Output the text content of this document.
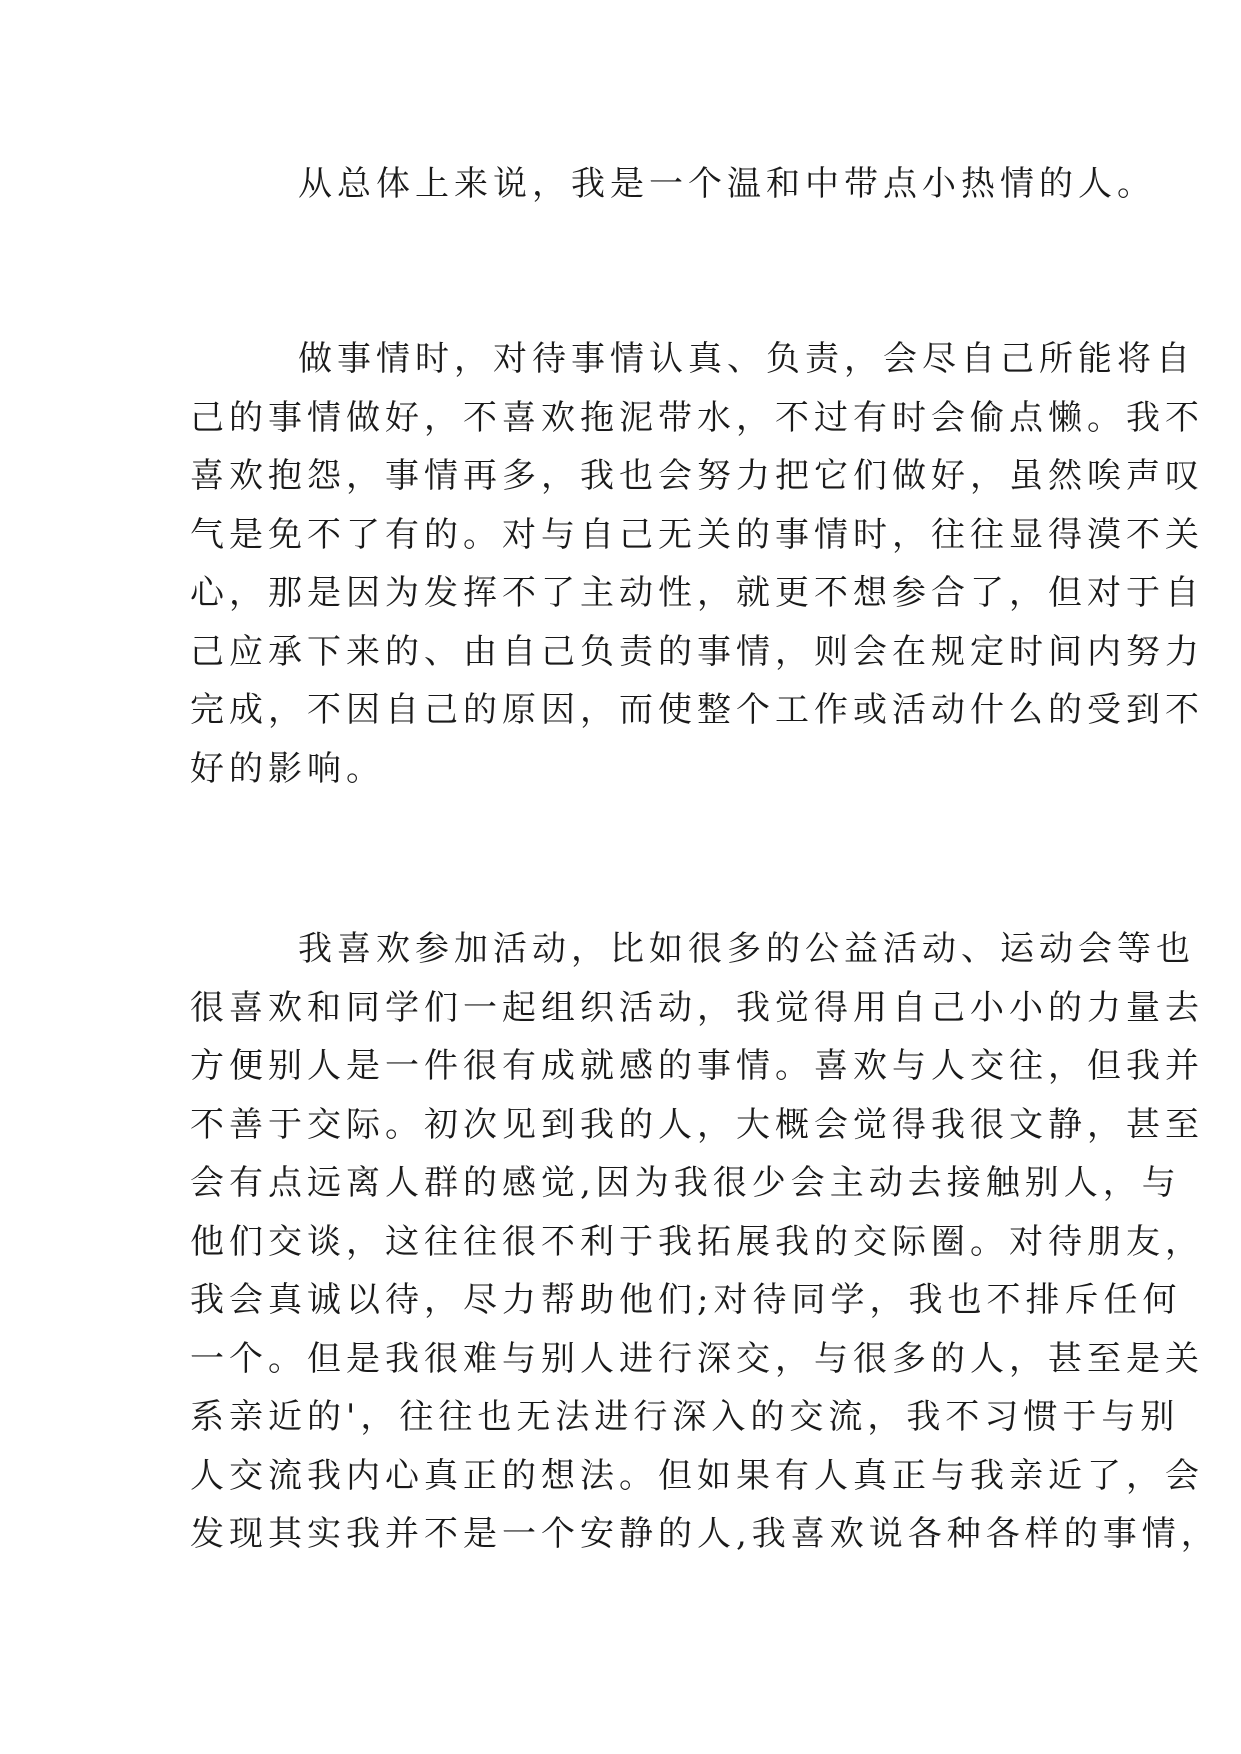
从总体上来说，我是一个温和中带点小热情的人。
做事情时，对待事情认真、负责，会尽自己所能将自
己的事情做好，不喜欢拖泥带水，不过有时会偷点懒。我不
喜欢抱怨，事情再多，我也会努力把它们做好，虽然唉声叹
气是免不了有的。对与自己无关的事情时，往往显得漠不关
心，那是因为发挥不了主动性，就更不想参合了，但对于自
己应承下来的、由自己负责的事情，则会在规定时间内努力
完成，不因自己的原因，而使整个工作或活动什么的受到不
好的影响。
我喜欢参加活动，比如很多的公益活动、运动会等也
很喜欢和同学们一起组织活动，我觉得用自己小小的力量去
方便别人是一件很有成就感的事情。喜欢与人交往，但我并
不善于交际。初次见到我的人，大概会觉得我很文静，甚至
会有点远离人群的感觉,因为我很少会主动去接触别人，与
他们交谈，这往往很不利于我拓展我的交际圈。对待朋友，
我会真诚以待，尽力帮助他们;对待同学，我也不排斥任何
一个。但是我很难与别人进行深交，与很多的人，甚至是关
系亲近的'，往往也无法进行深入的交流，我不习惯于与别
人交流我内心真正的想法。但如果有人真正与我亲近了，会
发现其实我并不是一个安静的人,我喜欢说各种各样的事情，
